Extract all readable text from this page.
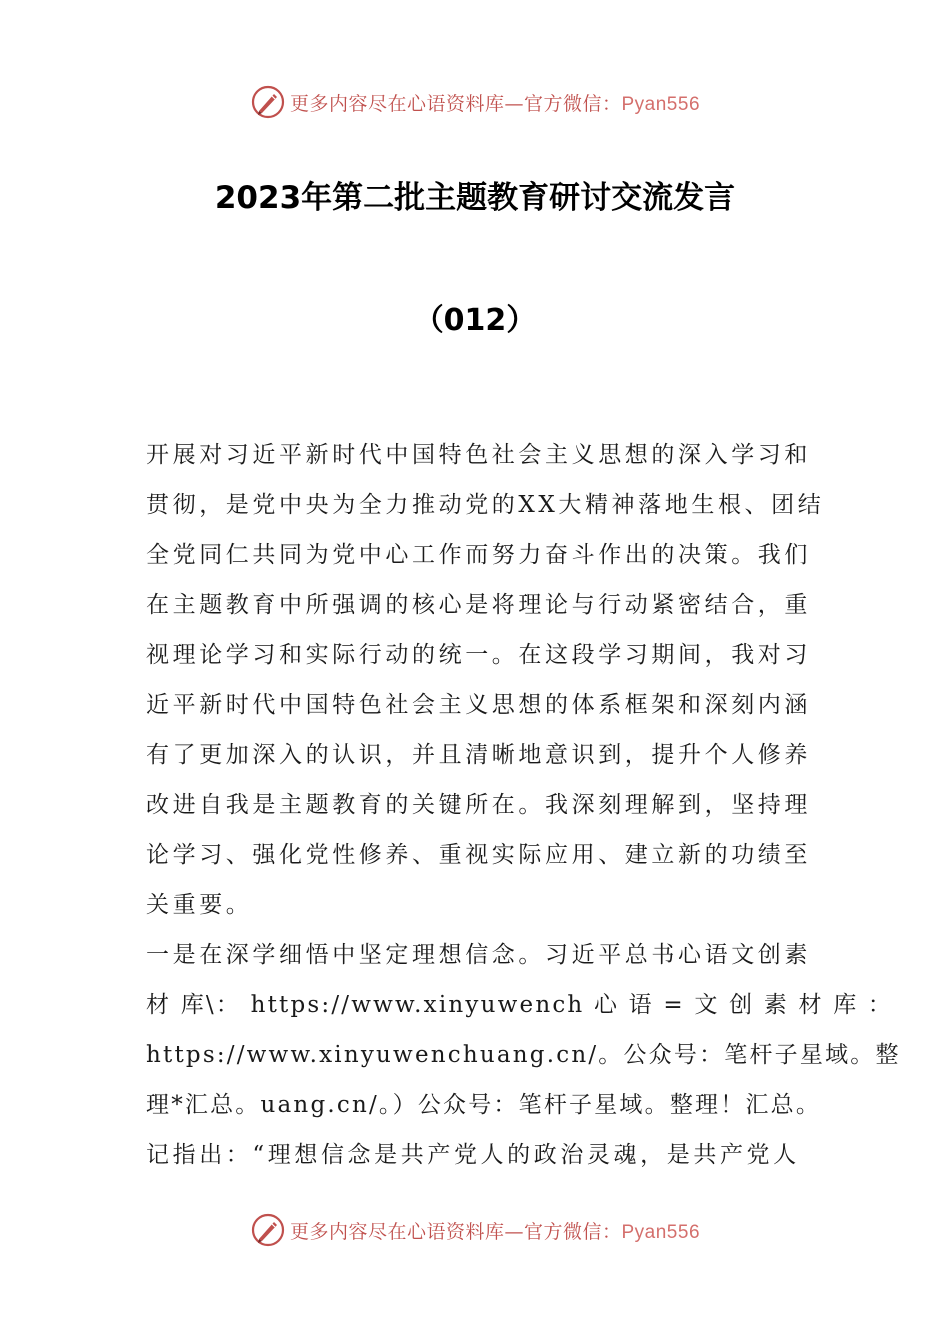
更多内容尽在心语资料库—官方微信：Pyan556
2023年第二批主题教育研讨交流发言
（012）
开展对习近平新时代中国特色社会主义思想的深入学习和
贯彻，是党中央为全力推动党的XX大精神落地生根、团结
全党同仁共同为党中心工作而努力奋斗作出的决策。我们
在主题教育中所强调的核心是将理论与行动紧密结合，重
视理论学习和实际行动的统一。在这段学习期间，我对习
近平新时代中国特色社会主义思想的体系框架和深刻内涵
有了更加深入的认识，并且清晰地意识到，提升个人修养
改进自我是主题教育的关键所在。我深刻理解到，坚持理
论学习、强化党性修养、重视实际应用、建立新的功绩至
关重要。
一是在深学细悟中坚定理想信念。习近平总书心语文创素
材 库\： https://www.xinyuwench 心 语 = 文 创 素 材 库 ：
https://www.xinyuwenchuang.cn/。公众号：笔杆子星域。整
理*汇总。uang.cn/。）公众号：笔杆子星域。整理！汇总。
记指出：“理想信念是共产党人的政治灵魂，是共产党人
更多内容尽在心语资料库—官方微信：Pyan556
